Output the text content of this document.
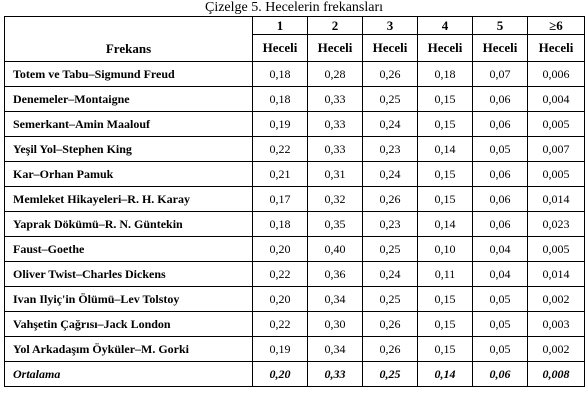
Çizelge 5. Hecelerin frekansları
Frekans	1	2	3	4	5	≥6
	Heceli	Heceli	Heceli	Heceli	Heceli	Heceli
Totem ve Tabu–Sigmund Freud	0,18	0,28	0,26	0,18	0,07	0,006
Denemeler–Montaigne	0,18	0,33	0,25	0,15	0,06	0,004
Semerkant–Amin Maalouf	0,19	0,33	0,24	0,15	0,06	0,005
Yeşil Yol–Stephen King	0,22	0,33	0,23	0,14	0,05	0,007
Kar–Orhan Pamuk	0,21	0,31	0,24	0,15	0,06	0,005
Memleket Hikayeleri–R. H. Karay	0,17	0,32	0,26	0,15	0,06	0,014
Yaprak Dökümü–R. N. Güntekin	0,18	0,35	0,23	0,14	0,06	0,023
Faust–Goethe	0,20	0,40	0,25	0,10	0,04	0,005
Oliver Twist–Charles Dickens	0,22	0,36	0,24	0,11	0,04	0,014
Ivan Ilyiç'in Ölümü–Lev Tolstoy	0,20	0,34	0,25	0,15	0,05	0,002
Vahşetin Çağrısı–Jack London	0,22	0,30	0,26	0,15	0,05	0,003
Yol Arkadaşım Öyküler–M. Gorki	0,19	0,34	0,26	0,15	0,05	0,002
Ortalama	0,20	0,33	0,25	0,14	0,06	0,008
